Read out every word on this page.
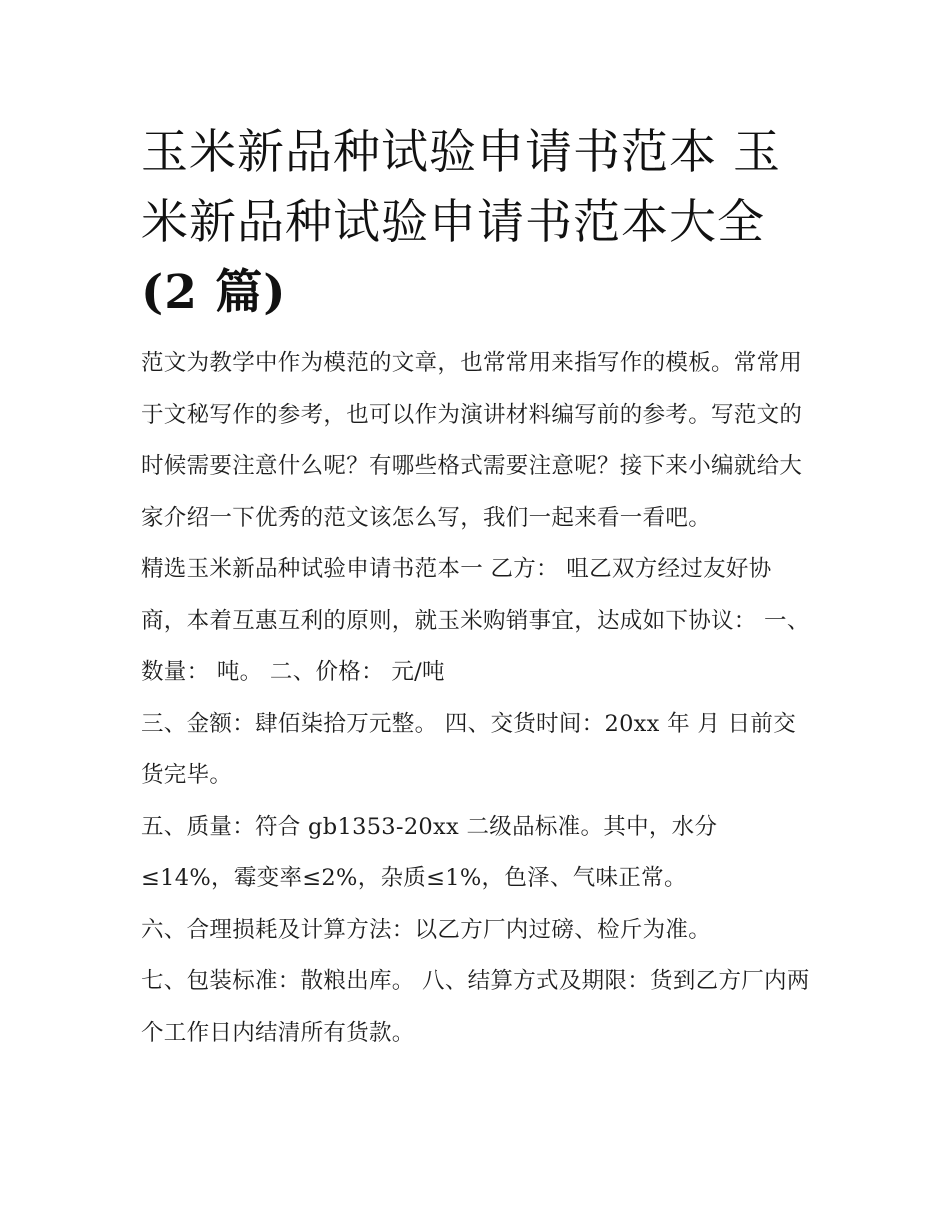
玉米新品种试验申请书范本 玉米新品种试验申请书范本大全
(2 篇)

范文为教学中作为模范的文章，也常常用来指写作的模板。常常用于文秘写作的参考，也可以作为演讲材料编写前的参考。写范文的时候需要注意什么呢？有哪些格式需要注意呢？接下来小编就给大家介绍一下优秀的范文该怎么写，我们一起来看一看吧。

精选玉米新品种试验申请书范本一 乙方： 咀乙双方经过友好协商，本着互惠互利的原则，就玉米购销事宜，达成如下协议： 一、数量： 吨。 二、价格： 元/吨

三、金额：肆佰柒拾万元整。 四、交货时间：20xx 年 月 日前交货完毕。

五、质量：符合 gb1353-20xx 二级品标准。其中，水分 ≤14%，霉变率≤2%，杂质≤1%，色泽、气味正常。

六、合理损耗及计算方法：以乙方厂内过磅、检斤为准。

七、包装标准：散粮出库。 八、结算方式及期限：货到乙方厂内两个工作日内结清所有货款。
